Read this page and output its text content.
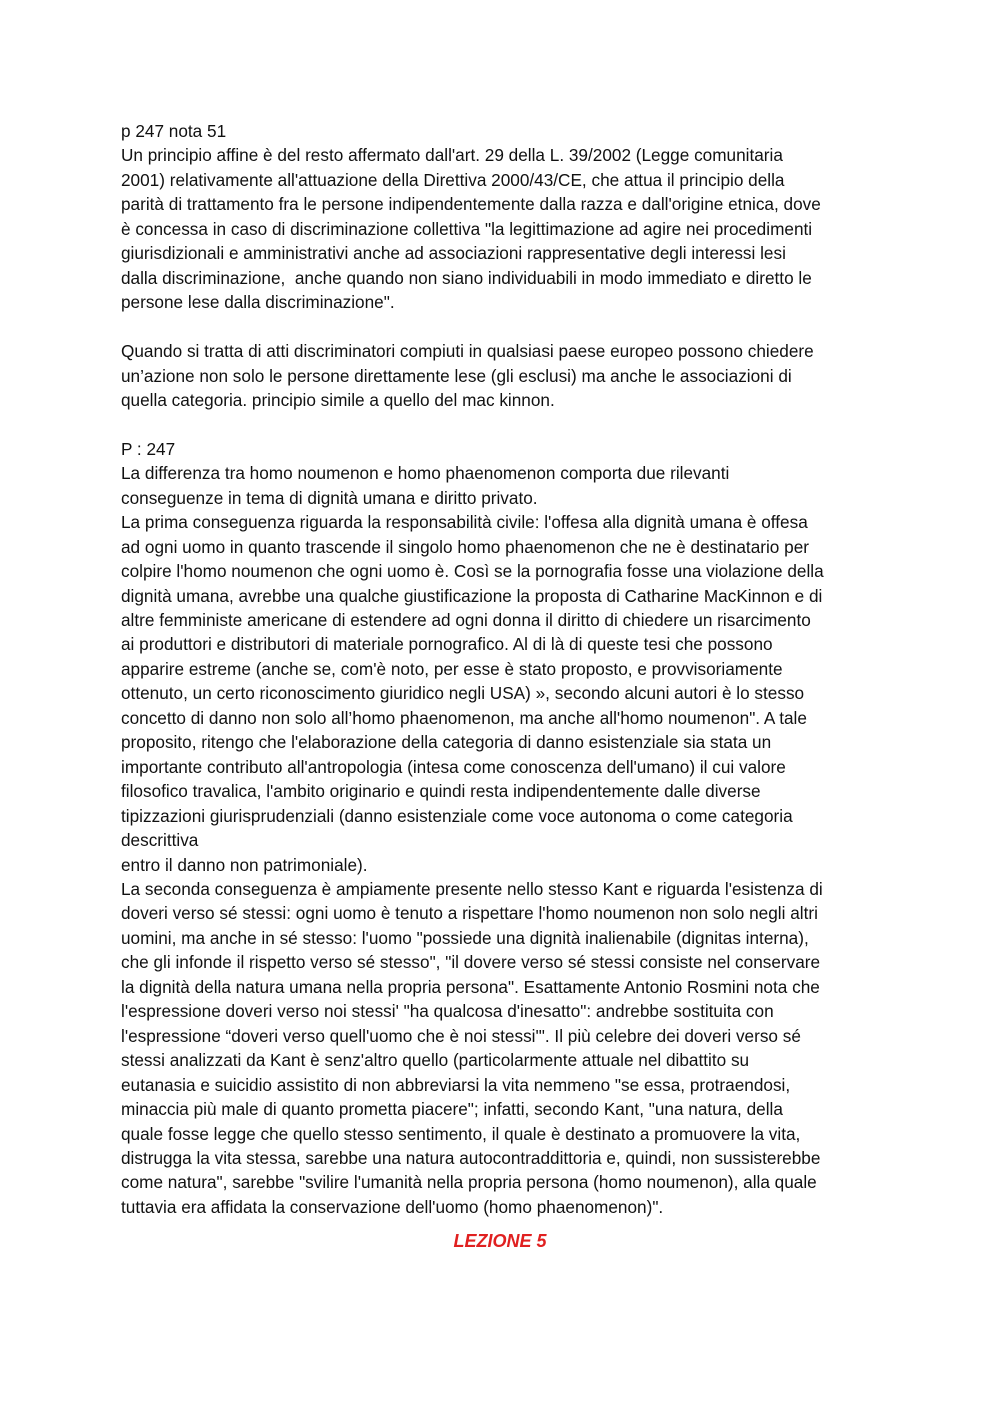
p 247 nota 51
Un principio affine è del resto affermato dall'art. 29 della L. 39/2002 (Legge comunitaria
2001) relativamente all'attuazione della Direttiva 2000/43/CE, che attua il principio della
parità di trattamento fra le persone indipendentemente dalla razza e dall'origine etnica, dove
è concessa in caso di discriminazione collettiva "la legittimazione ad agire nei procedimenti
giurisdizionali e amministrativi anche ad associazioni rappresentative degli interessi lesi
dalla discriminazione,  anche quando non siano individuabili in modo immediato e diretto le
persone lese dalla discriminazione".
Quando si tratta di atti discriminatori compiuti in qualsiasi paese europeo possono chiedere
un’azione non solo le persone direttamente lese (gli esclusi) ma anche le associazioni di
quella categoria. principio simile a quello del mac kinnon.
P : 247
La differenza tra homo noumenon e homo phaenomenon comporta due rilevanti
conseguenze in tema di dignità umana e diritto privato.
La prima conseguenza riguarda la responsabilità civile: l'offesa alla dignità umana è offesa
ad ogni uomo in quanto trascende il singolo homo phaenomenon che ne è destinatario per
colpire l'homo noumenon che ogni uomo è. Così se la pornografia fosse una violazione della
dignità umana, avrebbe una qualche giustificazione la proposta di Catharine MacKinnon e di
altre femministe americane di estendere ad ogni donna il diritto di chiedere un risarcimento
ai produttori e distributori di materiale pornografico. Al di là di queste tesi che possono
apparire estreme (anche se, com'è noto, per esse è stato proposto, e provvisoriamente
ottenuto, un certo riconoscimento giuridico negli USA) », secondo alcuni autori è lo stesso
concetto di danno non solo all’homo phaenomenon, ma anche all'homo noumenon". A tale
proposito, ritengo che l'elaborazione della categoria di danno esistenziale sia stata un
importante contributo all'antropologia (intesa come conoscenza dell'umano) il cui valore
filosofico travalica, l'ambito originario e quindi resta indipendentemente dalle diverse
tipizzazioni giurisprudenziali (danno esistenziale come voce autonoma o come categoria
descrittiva
entro il danno non patrimoniale).
La seconda conseguenza è ampiamente presente nello stesso Kant e riguarda l'esistenza di
doveri verso sé stessi: ogni uomo è tenuto a rispettare l'homo noumenon non solo negli altri
uomini, ma anche in sé stesso: l'uomo "possiede una dignità inalienabile (dignitas interna),
che gli infonde il rispetto verso sé stesso", "il dovere verso sé stessi consiste nel conservare
la dignità della natura umana nella propria persona". Esattamente Antonio Rosmini nota che
l'espressione doveri verso noi stessi' "ha qualcosa d'inesatto": andrebbe sostituita con
l'espressione “doveri verso quell'uomo che è noi stessi'". Il più celebre dei doveri verso sé
stessi analizzati da Kant è senz'altro quello (particolarmente attuale nel dibattito su
eutanasia e suicidio assistito di non abbreviarsi la vita nemmeno "se essa, protraendosi,
minaccia più male di quanto prometta piacere"; infatti, secondo Kant, "una natura, della
quale fosse legge che quello stesso sentimento, il quale è destinato a promuovere la vita,
distrugga la vita stessa, sarebbe una natura autocontraddittoria e, quindi, non sussisterebbe
come natura", sarebbe "svilire l'umanità nella propria persona (homo noumenon), alla quale
tuttavia era affidata la conservazione dell'uomo (homo phaenomenon)".
LEZIONE 5
